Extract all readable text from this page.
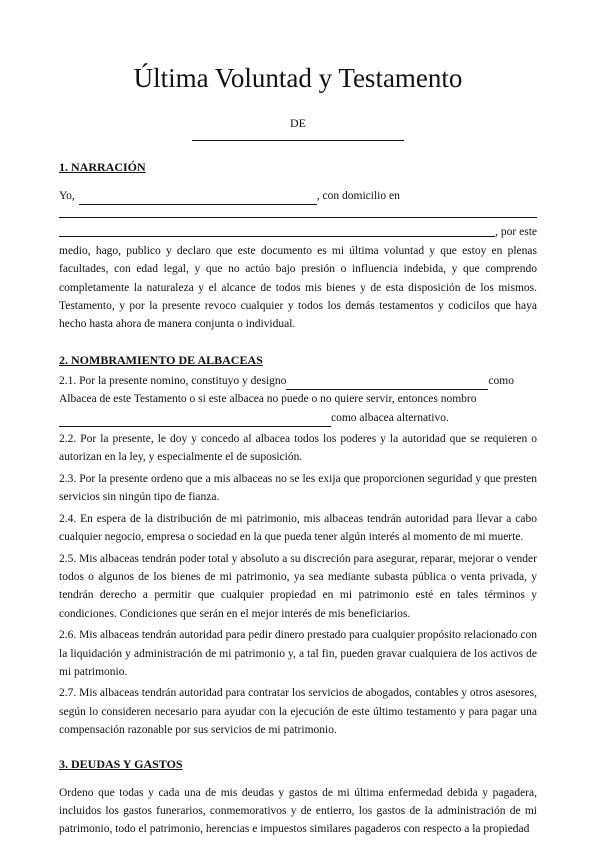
Última Voluntad y Testamento
DE
1. NARRACIÓN
Yo,	, con domicilio en
, por este

medio, hago, publico y declaro que este documento es mi última voluntad y que estoy en plenas facultades, con edad legal, y que no actúo bajo presión o influencia indebida, y que comprendo completamente la naturaleza y el alcance de todos mis bienes y de esta disposición de los mismos. Testamento, y por la presente revoco cualquier y todos los demás testamentos y codicilos que haya hecho hasta ahora de manera conjunta o individual.

2. NOMBRAMIENTO DE ALBACEAS
2.1. Por la presente nomino, constituyo y designo	como

Albacea de este Testamento o si este albacea no puede o no quiere servir, entonces nombro

como albacea alternativo.

2.2. Por la presente, le doy y concedo al albacea todos los poderes y la autoridad que se requieren o autorizan en la ley, y especialmente el de suposición.

2.3. Por la presente ordeno que a mis albaceas no se les exija que proporcionen seguridad y que presten servicios sin ningún tipo de fianza.

2.4. En espera de la distribución de mi patrimonio, mis albaceas tendrán autoridad para llevar a cabo cualquier negocio, empresa o sociedad en la que pueda tener algún interés al momento de mi muerte.

2.5. Mis albaceas tendrán poder total y absoluto a su discreción para asegurar, reparar, mejorar o vender todos o algunos de los bienes de mi patrimonio, ya sea mediante subasta pública o venta privada, y tendrán derecho a permitir que cualquier propiedad en mi patrimonio esté en tales términos y condiciones. Condiciones que serán en el mejor interés de mis beneficiarios.

2.6. Mis albaceas tendrán autoridad para pedir dinero prestado para cualquier propósito relacionado con la liquidación y administración de mi patrimonio y, a tal fin, pueden gravar cualquiera de los activos de mi patrimonio.

2.7. Mis albaceas tendrán autoridad para contratar los servicios de abogados, contables y otros asesores, según lo consideren necesario para ayudar con la ejecución de este último testamento y para pagar una compensación razonable por sus servicios de mi patrimonio.

3. DEUDAS Y GASTOS

Ordeno que todas y cada una de mis deudas y gastos de mi última enfermedad debida y pagadera, incluidos los gastos funerarios, conmemorativos y de entierro, los gastos de la administración de mi patrimonio, todo el patrimonio, herencias e impuestos similares pagaderos con respecto a la propiedad
